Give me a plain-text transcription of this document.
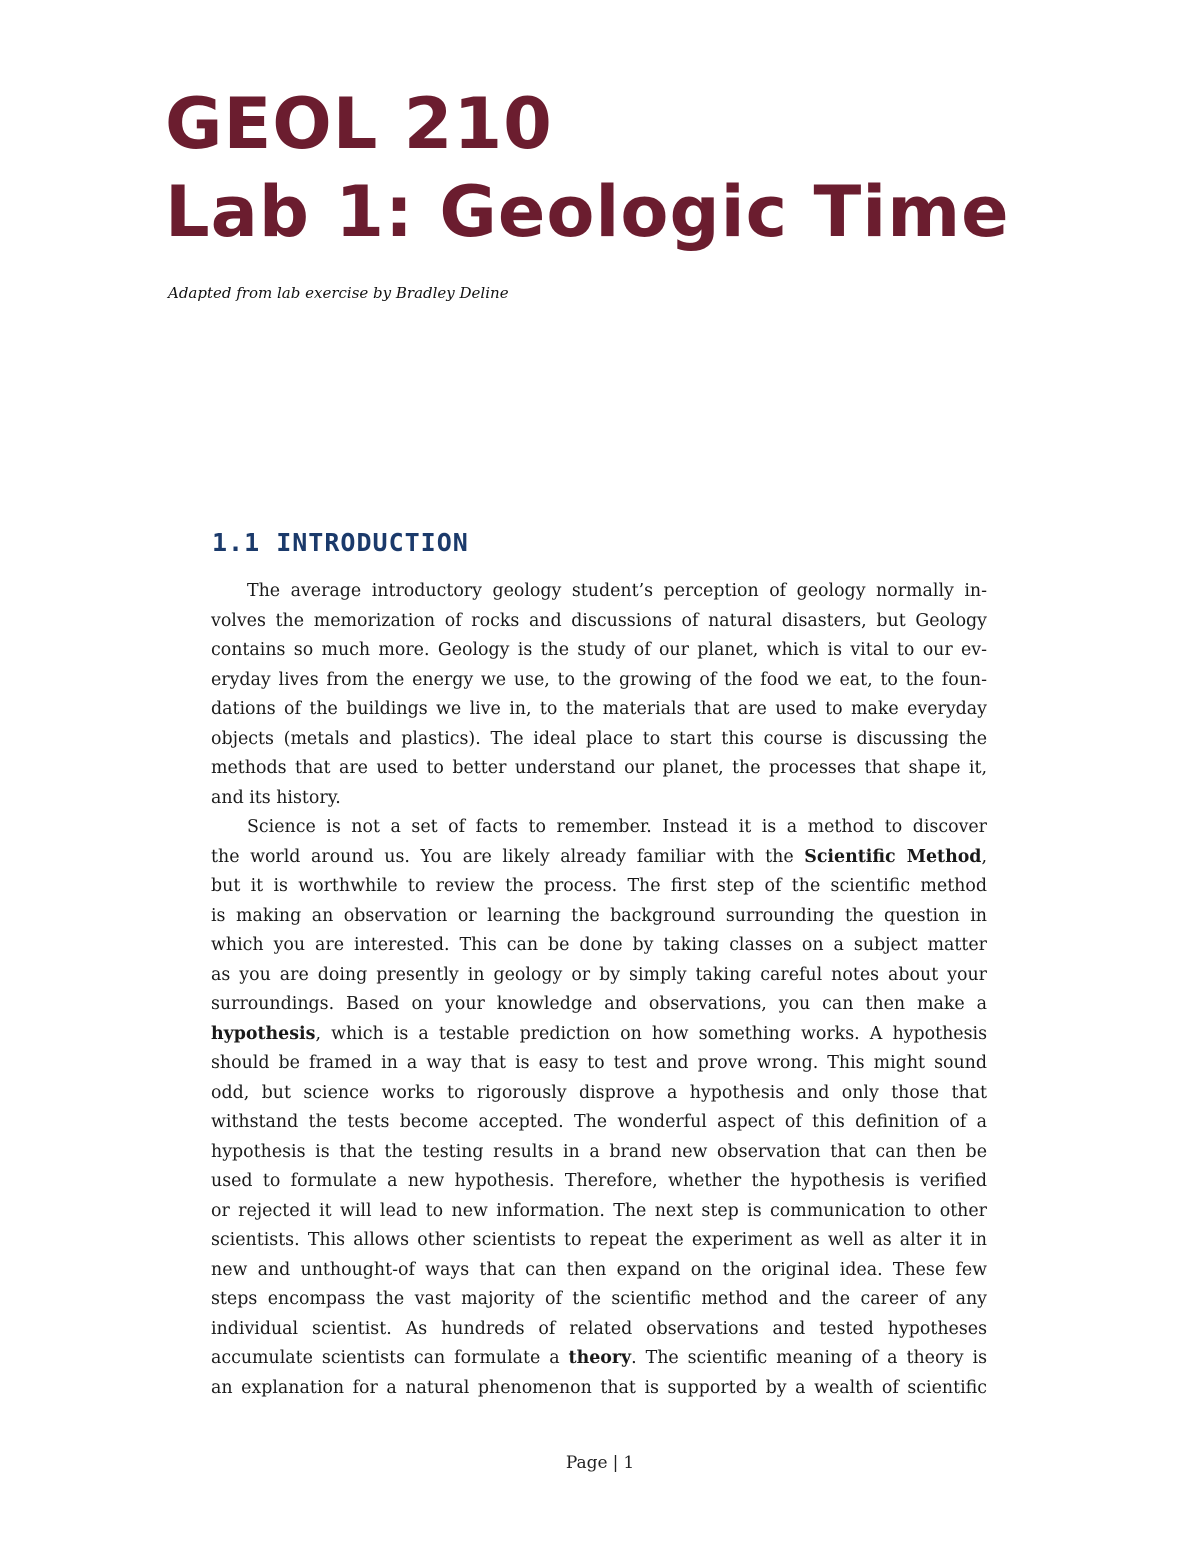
GEOL 210
Lab 1: Geologic Time
Adapted from lab exercise by Bradley Deline
1.1 INTRODUCTION
The average introductory geology student’s perception of geology normally in-
volves the memorization of rocks and discussions of natural disasters, but Geology
contains so much more. Geology is the study of our planet, which is vital to our ev-
eryday lives from the energy we use, to the growing of the food we eat, to the foun-
dations of the buildings we live in, to the materials that are used to make everyday
objects (metals and plastics). The ideal place to start this course is discussing the
methods that are used to better understand our planet, the processes that shape it,
and its history.
Science is not a set of facts to remember. Instead it is a method to discover
the world around us. You are likely already familiar with the Scientific Method,
but it is worthwhile to review the process. The first step of the scientific method
is making an observation or learning the background surrounding the question in
which you are interested. This can be done by taking classes on a subject matter
as you are doing presently in geology or by simply taking careful notes about your
surroundings. Based on your knowledge and observations, you can then make a
hypothesis, which is a testable prediction on how something works. A hypothesis
should be framed in a way that is easy to test and prove wrong. This might sound
odd, but science works to rigorously disprove a hypothesis and only those that
withstand the tests become accepted. The wonderful aspect of this definition of a
hypothesis is that the testing results in a brand new observation that can then be
used to formulate a new hypothesis. Therefore, whether the hypothesis is verified
or rejected it will lead to new information. The next step is communication to other
scientists. This allows other scientists to repeat the experiment as well as alter it in
new and unthought-of ways that can then expand on the original idea. These few
steps encompass the vast majority of the scientific method and the career of any
individual scientist. As hundreds of related observations and tested hypotheses
accumulate scientists can formulate a theory. The scientific meaning of a theory is
an explanation for a natural phenomenon that is supported by a wealth of scientific
Page | 1
